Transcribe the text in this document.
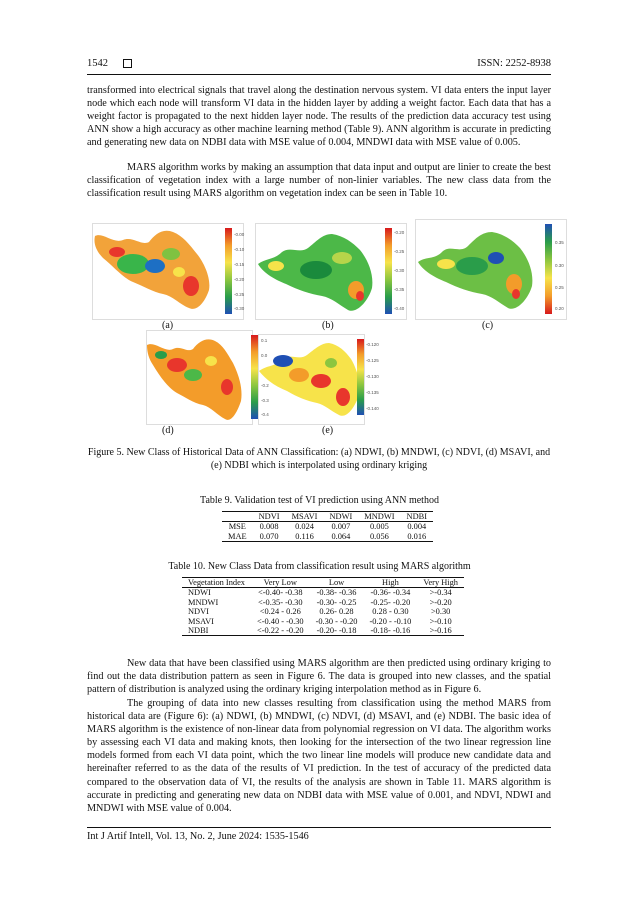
1542	ISSN: 2252-8938
transformed into electrical signals that travel along the destination nervous system. VI data enters the input layer node which each node will transform VI data in the hidden layer by adding a weight factor. Each data that has a weight factor is propagated to the next hidden layer node. The results of the prediction data accuracy test using ANN show a high accuracy as other machine learning method (Table 9). ANN algorithm is accurate in predicting and generating new data on NDBI data with MSE value of 0.004, MNDWI data with MSE value of 0.005.
MARS algorithm works by making an assumption that data input and output are linier to create the best classification of vegetation index with a large number of non-linier variables. The new class data from the classification result using MARS algorithm on vegetation index can be seen in Table 10.
-0.00
-0.10
-0.15
-0.20
-0.25
-0.30
(a)
-0.20
-0.25
-0.30
-0.35
-0.40
(b)
0.35
0.30
0.25
0.20
(c)
0.1
0.0
-0.2
-0.3
-0.4
(d)
-0.120
-0.125
-0.130
-0.135
-0.140
(e)
Figure 5. New Class of Historical Data of ANN Classification: (a) NDWI, (b) MNDWI, (c) NDVI, (d) MSAVI, and (e) NDBI which is interpolated using ordinary kriging
Table 9. Validation test of VI prediction using ANN method
	NDVI	MSAVI	NDWI	MNDWI	NDBI
MSE	0.008	0.024	0.007	0.005	0.004
MAE	0.070	0.116	0.064	0.056	0.016
Table 10. New Class Data from classification result using MARS algorithm
Vegetation Index	Very Low	Low	High	Very High
NDWI	<-0.40- -0.38	-0.38- -0.36	-0.36- -0.34	>-0.34
MNDWI	<-0.35- -0.30	-0.30- -0.25	-0.25- -0.20	>-0.20
NDVI	<0.24 - 0.26	0.26- 0.28	0.28 - 0.30	>0.30
MSAVI	<-0.40 - -0.30	-0.30 - -0.20	-0.20 - -0.10	>-0.10
NDBI	<-0.22 - -0.20	-0.20- -0.18	-0.18- -0.16	>-0.16
New data that have been classified using MARS algorithm are then predicted using ordinary kriging to find out the data distribution pattern as seen in Figure 6. The data is grouped into new classes, and the spatial pattern of distribution is analyzed using the ordinary kriging interpolation method as in Figure 6.
The grouping of data into new classes resulting from classification using the method MARS from historical data are (Figure 6): (a) NDWI, (b) MNDWI, (c) NDVI, (d) MSAVI, and (e) NDBI. The basic idea of MARS algorithm is the existence of non-linear data from polynomial regression on VI data. The algorithm works by assessing each VI data and making knots, then looking for the intersection of the two linear regression line models formed from each VI data point, which the two linear line models will produce new candidate data and hereinafter referred to as the data of the results of VI prediction. In the test of accuracy of the predicted data compared to the observation data of VI, the results of the analysis are shown in Table 11. MARS algorithm is accurate in predicting and generating new data on NDBI data with MSE value of 0.001, and NDVI, NDWI and MNDWI with MSE value of 0.004.
Int J Artif Intell, Vol. 13, No. 2, June 2024: 1535-1546
